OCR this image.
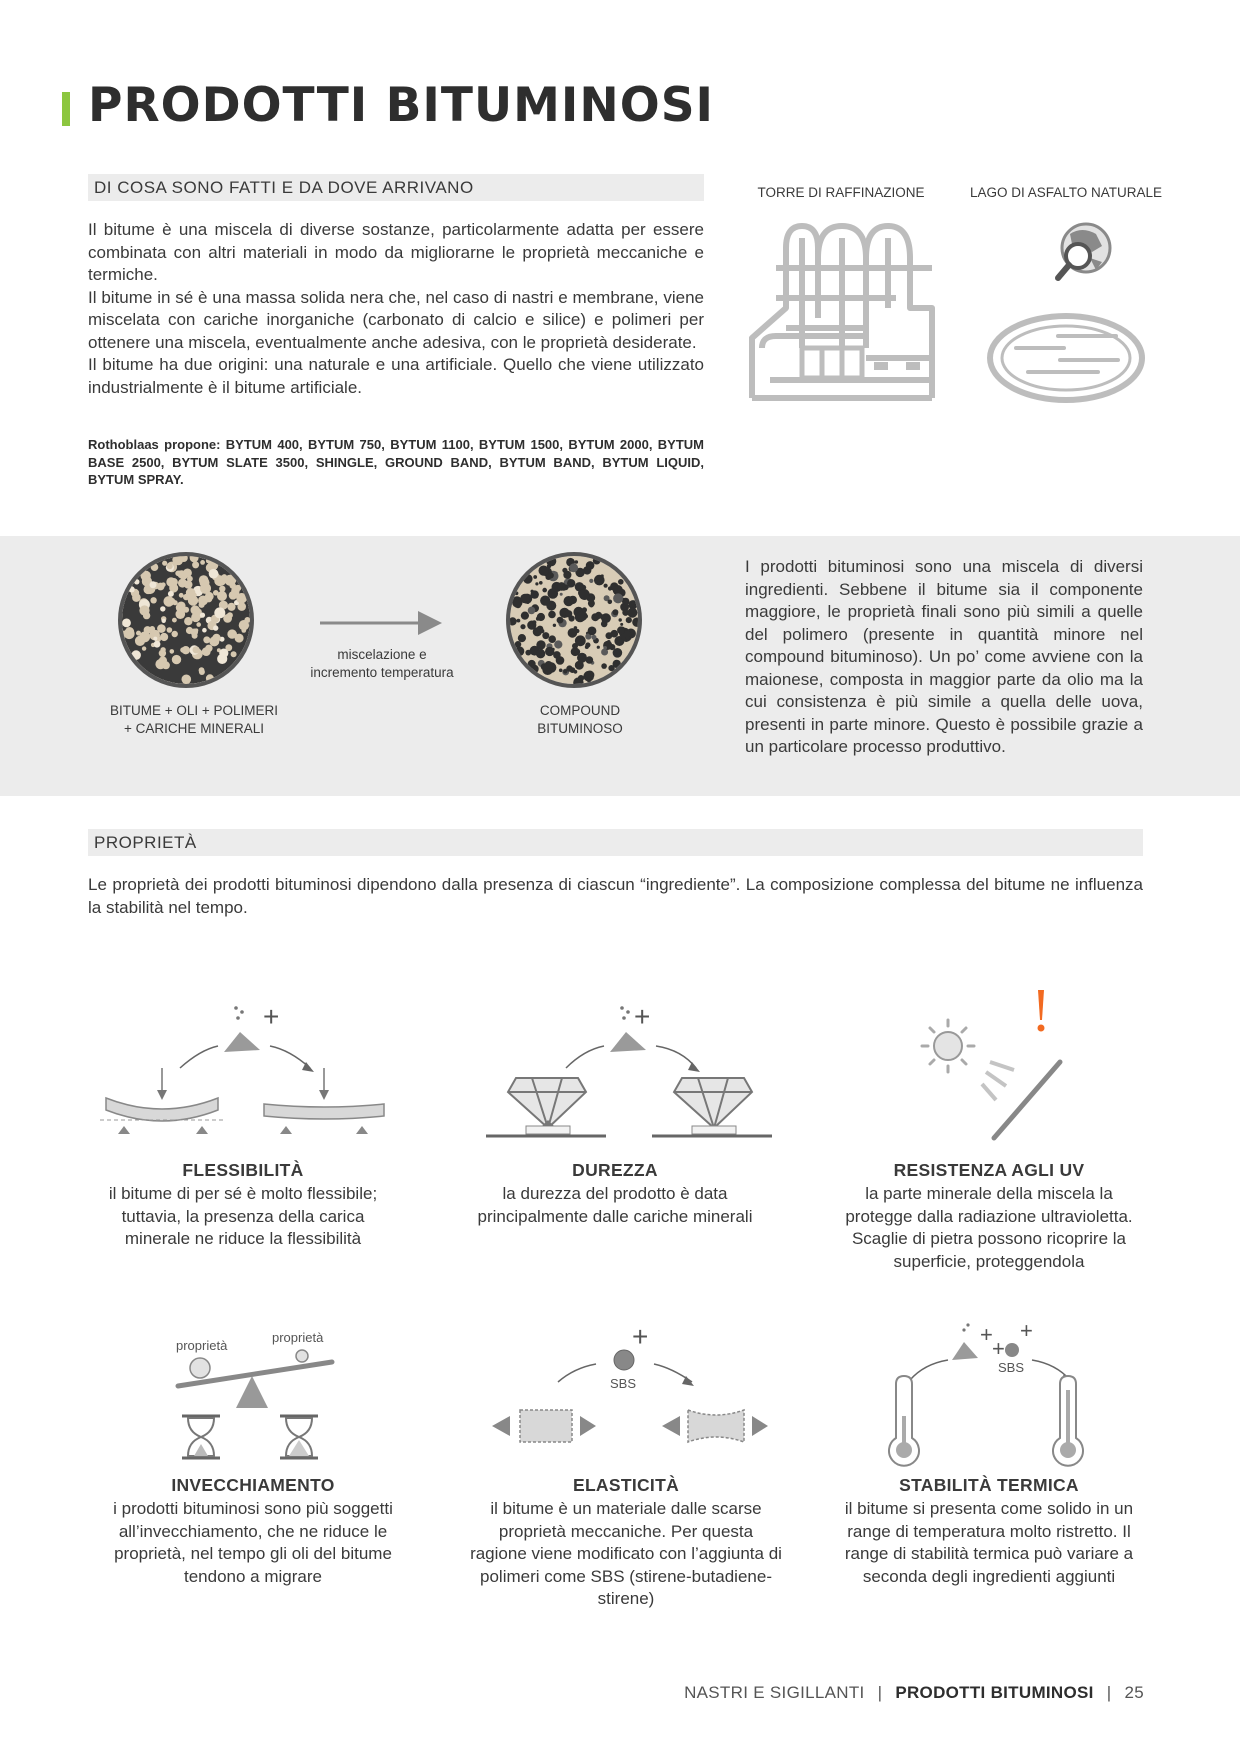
PRODOTTI BITUMINOSI
DI COSA SONO FATTI E DA DOVE ARRIVANO

Il bitume è una miscela di diverse sostanze, particolarmente adatta per essere combinata con altri materiali in modo da migliorarne le proprietà meccaniche e termiche.

Il bitume in sé è una massa solida nera che, nel caso di nastri e membrane, viene miscelata con cariche inorganiche (carbonato di calcio e silice) e polimeri per ottenere una miscela, eventualmente anche adesiva, con le proprietà desiderate.

Il bitume ha due origini: una naturale e una artificiale. Quello che viene utilizzato industrialmente è il bitume artificiale.

Rothoblaas propone: BYTUM 400, BYTUM 750, BYTUM 1100, BYTUM 1500, BYTUM 2000, BYTUM BASE 2500, BYTUM SLATE 3500, SHINGLE, GROUND BAND, BYTUM BAND, BYTUM LIQUID, BYTUM SPRAY.
TORRE DI RAFFINAZIONE	LAGO DI ASFALTO NATURALE
BITUME + OLI + POLIMERI
+ CARICHE MINERALI
miscelazione e
incremento temperatura
COMPOUND
BITUMINOSO
I prodotti bituminosi sono una miscela di diversi ingredienti. Sebbene il bitume sia il componente maggiore, le proprietà finali sono più simili a quelle del polimero (presente in quantità minore nel compound bituminoso). Un po’ come avviene con la maionese, composta in maggior parte da olio ma la cui consistenza è più simile a quella delle uova, presenti in parte minore. Questo è possibile grazie a un particolare processo produttivo.
PROPRIETÀ
Le proprietà dei prodotti bituminosi dipendono dalla presenza di ciascun “ingrediente”. La composizione complessa del bitume ne influenza la stabilità nel tempo.
+	+
FLESSIBILITÀ
il bitume di per sé è molto flessibile; tuttavia, la presenza della carica minerale ne riduce la flessibilità
DUREZZA
la durezza del prodotto è data principalmente dalle cariche minerali
RESISTENZA AGLI UV
la parte minerale della miscela la protegge dalla radiazione ultravioletta. Scaglie di pietra possono ricoprire la superficie, proteggendola
proprietà
proprietà	+
SBS
+
+
+
SBS
INVECCHIAMENTO
i prodotti bituminosi sono più soggetti all’invecchiamento, che ne riduce le proprietà, nel tempo gli oli del bitume tendono a migrare
ELASTICITÀ
il bitume è un materiale dalle scarse proprietà meccaniche. Per questa ragione viene modificato con l’aggiunta di polimeri come SBS (stirene-butadiene-stirene)
STABILITÀ TERMICA
il bitume si presenta come solido in un range di temperatura molto ristretto. Il range di stabilità termica può variare a seconda degli ingredienti aggiunti
NASTRI E SIGILLANTI | PRODOTTI BITUMINOSI | 25
